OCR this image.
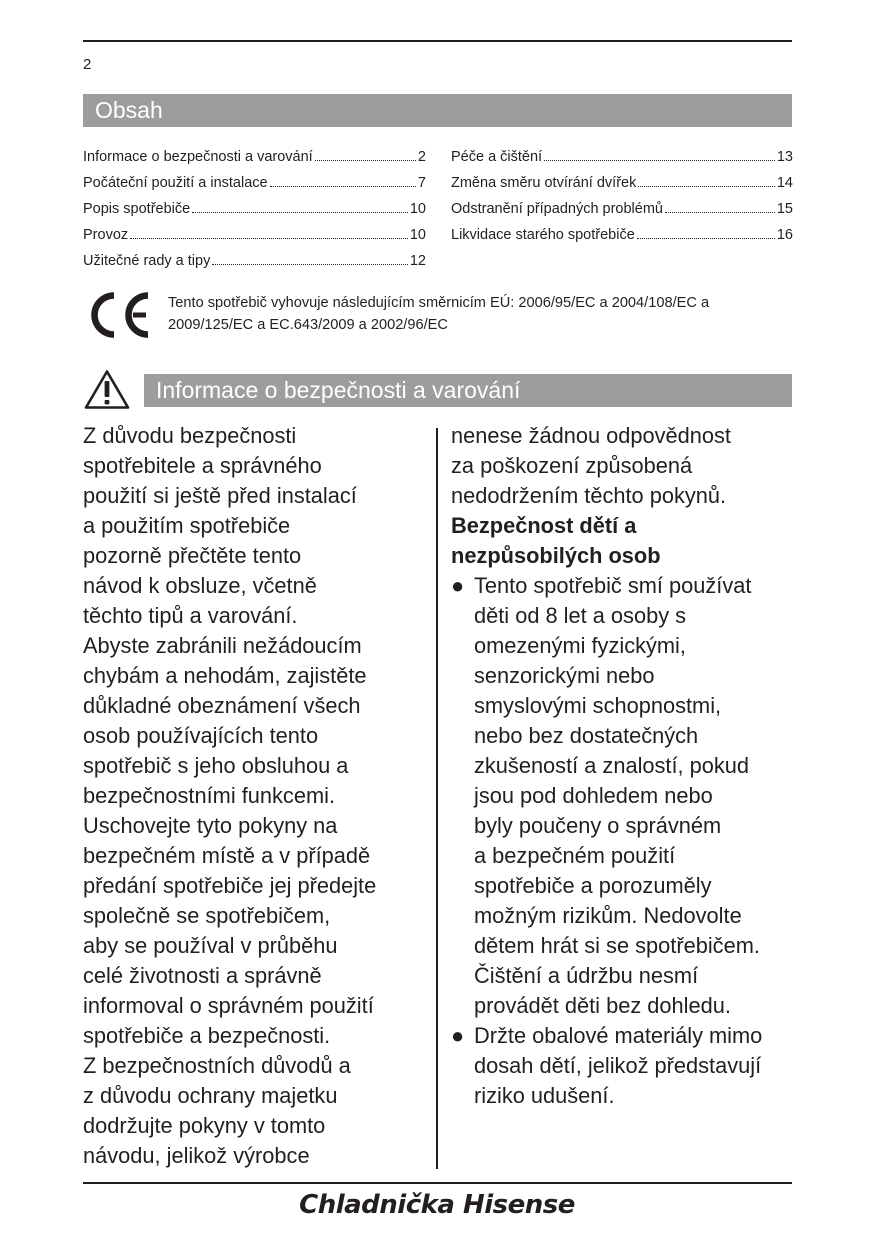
2
Obsah
Informace o bezpečnosti a varování	2
Počáteční použití a instalace	7
Popis spotřebiče	10
Provoz	10
Užitečné rady a tipy	12
Péče a čištění	13
Změna směru otvírání dvířek	14
Odstranění případných problémů	15
Likvidace starého spotřebiče	16
Tento spotřebič vyhovuje následujícím směrnicím EÚ: 2006/95/EC a 2004/108/EC a
2009/125/EC a EC.643/2009 a 2002/96/EC
Informace o bezpečnosti a varování
Z důvodu bezpečnosti
spotřebitele a správného
použití si ještě před instalací
a použitím spotřebiče
pozorně přečtěte tento
návod k obsluze, včetně
těchto tipů a varování.
Abyste zabránili nežádoucím
chybám a nehodám, zajistěte
důkladné obeznámení všech
osob používajících tento
spotřebič s jeho obsluhou a
bezpečnostními funkcemi.
Uschovejte tyto pokyny na
bezpečném místě a v případě
předání spotřebiče jej předejte
společně se spotřebičem,
aby se používal v průběhu
celé životnosti a správně
informoval o správném použití
spotřebiče a bezpečnosti.
Z bezpečnostních důvodů a
z důvodu ochrany majetku
dodržujte pokyny v tomto
návodu, jelikož výrobce
nenese žádnou odpovědnost
za poškození způsobená
nedodržením těchto pokynů.
Bezpečnost dětí a
nezpůsobilých osob
● Tento spotřebič smí používat
děti od 8 let a osoby s
omezenými fyzickými,
senzorickými nebo
smyslovými schopnostmi,
nebo bez dostatečných
zkušeností a znalostí, pokud
jsou pod dohledem nebo
byly poučeny o správném
a bezpečném použití
spotřebiče a porozuměly
možným rizikům. Nedovolte
dětem hrát si se spotřebičem.
Čištění a údržbu nesmí
provádět děti bez dohledu.
● Držte obalové materiály mimo
dosah dětí, jelikož představují
riziko udušení.
Chladnička Hisense
